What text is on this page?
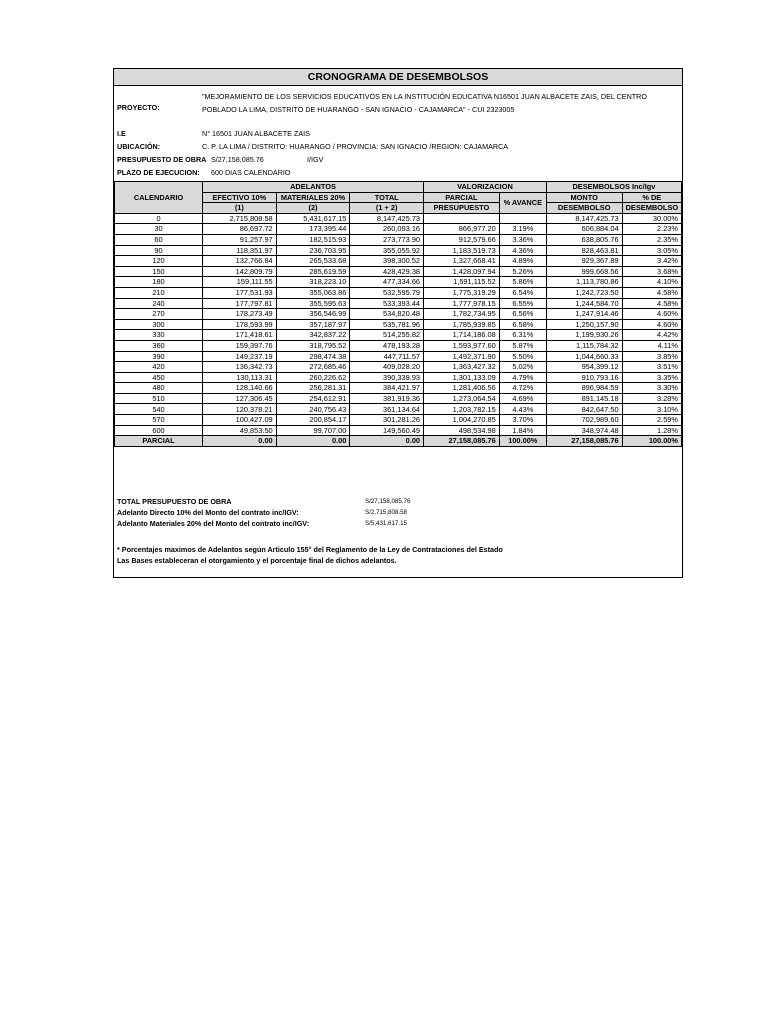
CRONOGRAMA DE DESEMBOLSOS
PROYECTO:
"MEJORAMIENTO DE LOS SERVICIOS EDUCATIVOS EN LA INSTITUCIÓN EDUCATIVA N16501 JUAN ALBACETE ZAIS, DEL CENTRO
POBLADO LA LIMA, DISTRITO DE HUARANGO - SAN IGNACIO - CAJAMARCA" - CUI 2323005
I.E	N° 16501 JUAN ALBACETE ZAIS
UBICACIÓN:	C. P. LA LIMA / DISTRITO: HUARANGO / PROVINCIA: SAN IGNACIO /REGION: CAJAMARCA
PRESUPUESTO DE OBRA S/27,158,085.76	I/IGV
PLAZO DE EJECUCION: 600 DIAS CALENDARIO
CALENDARIO	ADELANTOS			VALORIZACION		DESEMBOLSOS Inc/Igv	
	EFECTIVO 10%	MATERIALES 20%	TOTAL	PARCIAL	% AVANCE	MONTO	% DE
	(1)	(2)	(1 + 2)	PRESUPUESTO		DESEMBOLSO	DESEMBOLSO
0	2,715,808.58	5,431,617.15	8,147,425.73			8,147,425.73	30.00%
30	86,697.72	173,395.44	260,093.16	866,977.20	3.19%	606,884.04	2.23%
60	91,257.97	182,515.93	273,773.90	912,579.66	3.36%	638,805.76	2.35%
90	118,351.97	236,703.95	355,055.92	1,183,519.73	4.36%	828,463.81	3.05%
120	132,766.84	265,533.68	398,300.52	1,327,668.41	4.89%	929,367.89	3.42%
150	142,809.79	285,619.59	428,429.38	1,428,097.94	5.26%	999,668.56	3.68%
180	159,111.55	318,223.10	477,334.66	1,591,115.52	5.86%	1,113,780.86	4.10%
210	177,531.93	355,063.86	532,595.79	1,775,319.29	6.54%	1,242,723.50	4.58%
240	177,797.81	355,595.63	533,393.44	1,777,978.15	6.55%	1,244,584.70	4.58%
270	178,273.49	356,546.99	534,820.48	1,782,734.95	6.56%	1,247,914.46	4.60%
300	178,593.99	357,187.97	535,781.96	1,785,939.85	6.58%	1,250,157.90	4.60%
330	171,418.61	342,837.22	514,255.82	1,714,186.08	6.31%	1,199,930.26	4.42%
360	159,397.76	318,795.52	478,193.28	1,593,977.60	5.87%	1,115,784.32	4.11%
390	149,237.19	298,474.38	447,711.57	1,492,371.90	5.50%	1,044,660.33	3.85%
420	136,342.73	272,685.46	409,028.20	1,363,427.32	5.02%	954,399.12	3.51%
450	130,113.31	260,226.62	390,339.93	1,301,133.09	4.79%	910,793.16	3.35%
480	128,140.66	256,281.31	384,421.97	1,281,406.56	4.72%	896,984.59	3.30%
510	127,306.45	254,612.91	381,919.36	1,273,064.54	4.69%	891,145.18	3.28%
540	120,378.21	240,756.43	361,134.64	1,203,782.15	4.43%	842,647.50	3.10%
570	100,427.09	200,854.17	301,281.26	1,004,270.85	3.70%	702,989.60	2.59%
600	49,853.50	99,707.00	149,560.49	498,534.98	1.84%	348,974.48	1.28%
PARCIAL	0.00	0.00	0.00	27,158,085.76	100.00%	27,158,085.76	100.00%
TOTAL PRESUPUESTO DE OBRA	S/27,158,085.76
Adelanto Directo 10% del Monto del contrato inc/IGV:	S/2,715,808.58
Adelanto Materiales 20% del Monto del contrato inc/IGV:	S/5,431,617.15
* Porcentajes maximos de Adelantos según Articulo 155° del Reglamento de la Ley de Contrataciones del Estado
Las Bases estableceran el otorgamiento y el porcentaje final de dichos adelantos.
